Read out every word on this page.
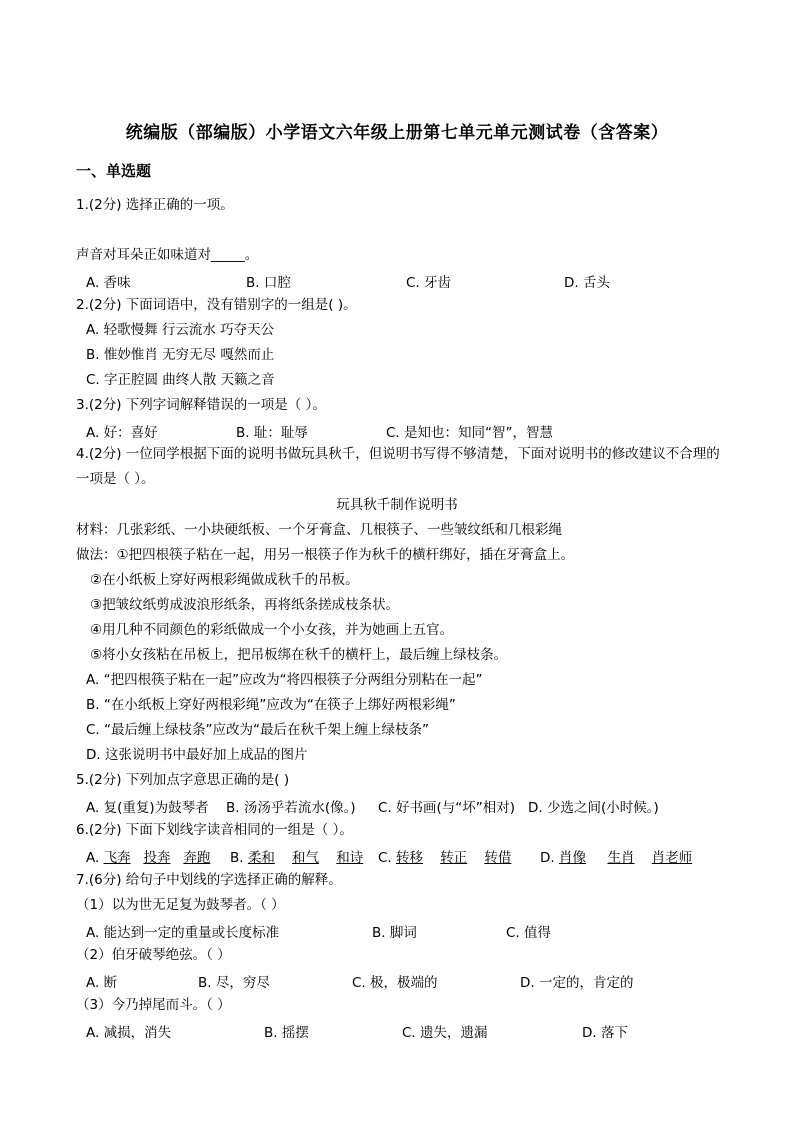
统编版（部编版）小学语文六年级上册第七单元单元测试卷（含答案）
一、单选题
1.(2分) 选择正确的一项。
声音对耳朵正如味道对_____。
A. 香味	B. 口腔	C. 牙齿	D. 舌头
2.(2分) 下面词语中，没有错别字的一组是( )。
A. 轻歌慢舞 行云流水 巧夺天公
B. 惟妙惟肖 无穷无尽 嘎然而止
C. 字正腔圆 曲终人散 天籁之音
3.(2分) 下列字词解释错误的一项是（ ）。
A. 好：喜好	B. 耻：耻辱	C. 是知也：知同“智”，智慧
4.(2分) 一位同学根据下面的说明书做玩具秋千，但说明书写得不够清楚，下面对说明书的修改建议不合理的一项是（ ）。
玩具秋千制作说明书
材料：几张彩纸、一小块硬纸板、一个牙膏盒、几根筷子、一些皱纹纸和几根彩绳
做法：①把四根筷子粘在一起，用另一根筷子作为秋千的横杆绑好，插在牙膏盒上。
②在小纸板上穿好两根彩绳做成秋千的吊板。
③把皱纹纸剪成波浪形纸条，再将纸条搓成枝条状。
④用几种不同颜色的彩纸做成一个小女孩，并为她画上五官。
⑤将小女孩粘在吊板上，把吊板绑在秋千的横杆上，最后缠上绿枝条。
A. “把四根筷子粘在一起”应改为“将四根筷子分两组分别粘在一起”
B. “在小纸板上穿好两根彩绳”应改为“在筷子上绑好两根彩绳”
C. “最后缠上绿枝条”应改为“最后在秋千架上缠上绿枝条”
D. 这张说明书中最好加上成品的图片
5.(2分) 下列加点字意思正确的是( )
A. 复(重复)为鼓琴者 B. 汤汤乎若流水(像。) C. 好书画(与“坏”相对) D. 少选之间(小时候。)
6.(2分) 下面下划线字读音相同的一组是（ ）。
A. 飞奔 投奔 奔跑 B. 柔和 和气 和诗 C. 转移 转正 转借 D. 肖像 生肖 肖老师
7.(6分) 给句子中划线的字选择正确的解释。
（1）以为世无足复为鼓琴者。（ ）
A. 能达到一定的重量或长度标准	B. 脚词	C. 值得
（2）伯牙破琴绝弦。（ ）
A. 断	B. 尽，穷尽	C. 极，极端的	D. 一定的，肯定的
（3）今乃掉尾而斗。（ ）
A. 减损，消失	B. 摇摆	C. 遗失，遗漏	D. 落下
